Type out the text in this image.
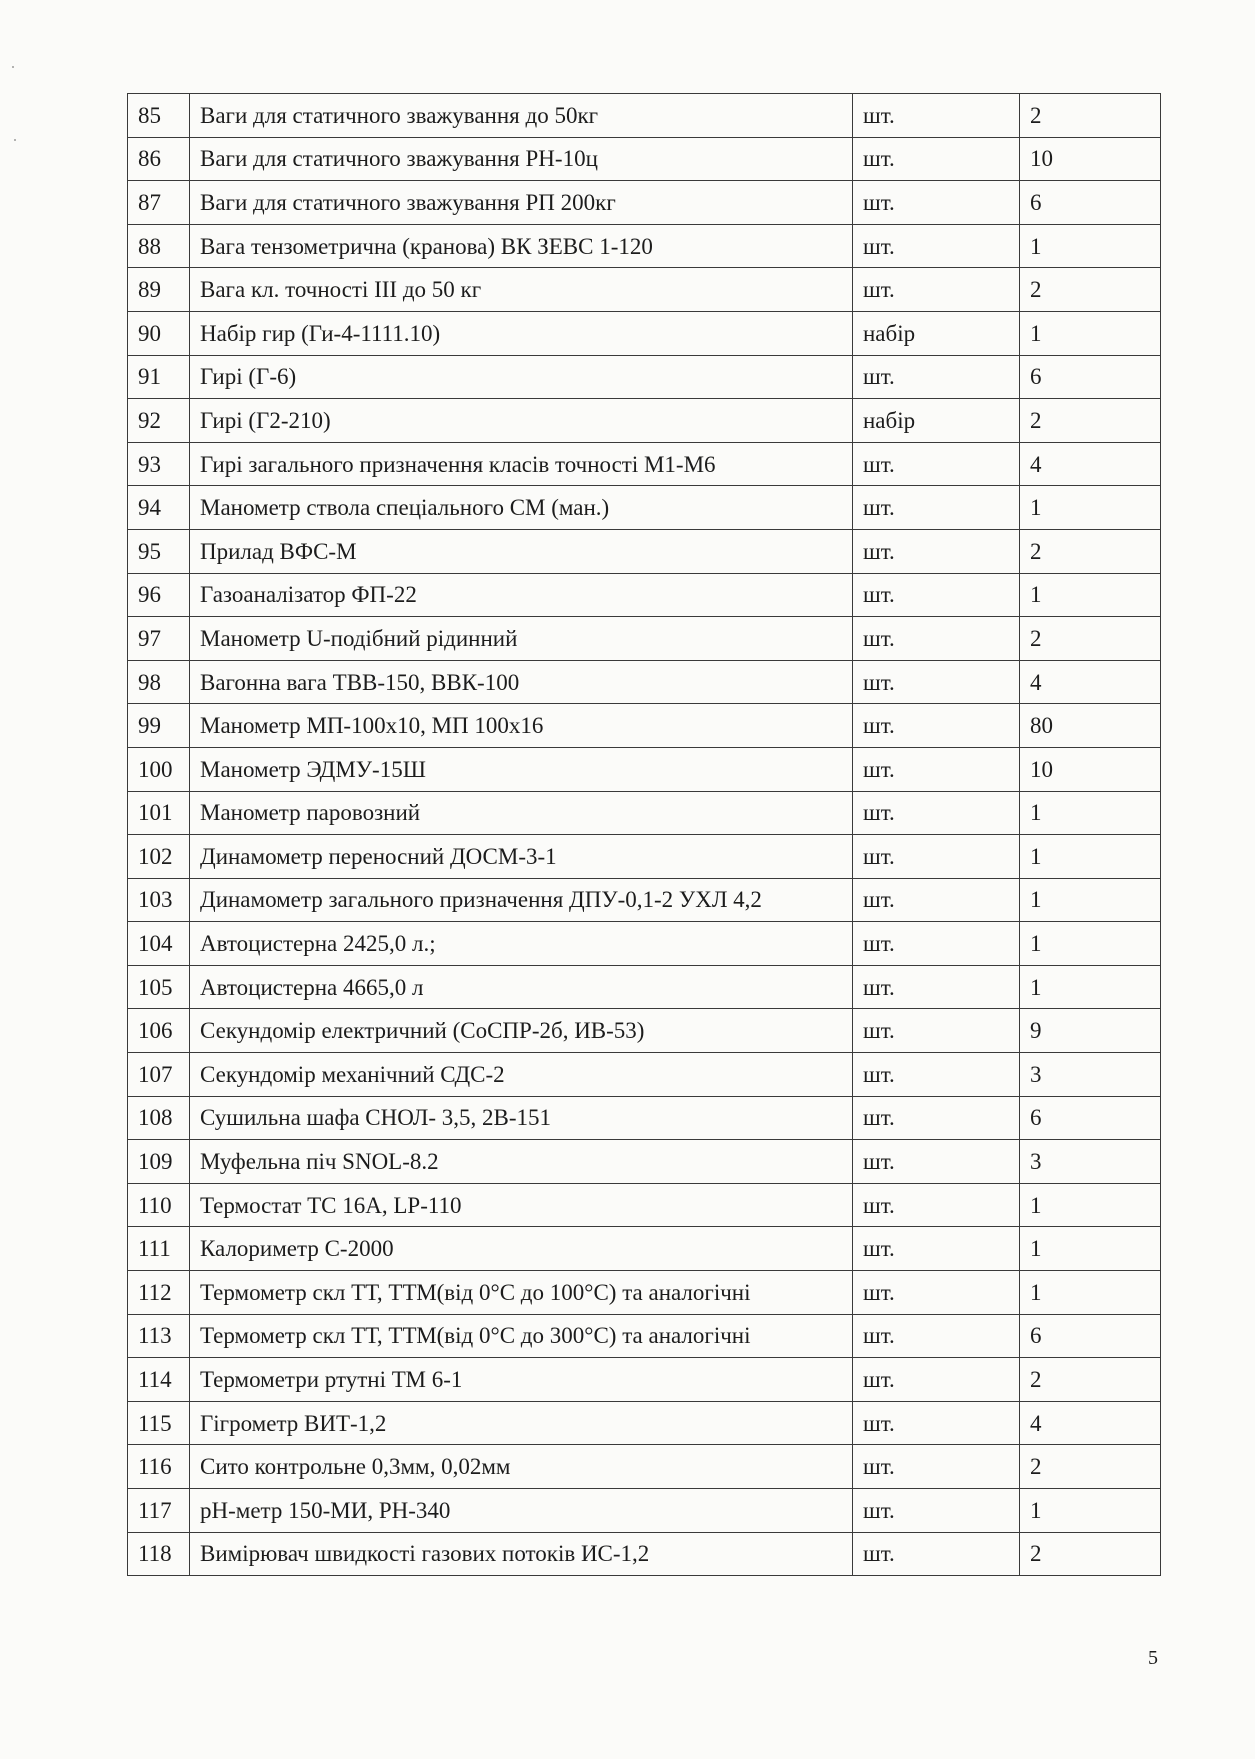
85	Ваги для статичного зважування до 50кг	шт.	2
86	Ваги для статичного зважування РН-10ц	шт.	10
87	Ваги для статичного зважування РП 200кг	шт.	6
88	Вага тензометрична (кранова) ВК ЗЕВС 1-120	шт.	1
89	Вага кл. точності III до 50 кг	шт.	2
90	Набір гир (Ги-4-1111.10)	набір	1
91	Гирі (Г-6)	шт.	6
92	Гирі (Г2-210)	набір	2
93	Гирі загального призначення класів точності М1-М6	шт.	4
94	Манометр ствола спеціального СМ (ман.)	шт.	1
95	Прилад ВФС-М	шт.	2
96	Газоаналізатор ФП-22	шт.	1
97	Манометр U-подібний рідинний	шт.	2
98	Вагонна вага ТВВ-150, ВВК-100	шт.	4
99	Манометр МП-100х10, МП 100х16	шт.	80
100	Манометр ЭДМУ-15Ш	шт.	10
101	Манометр паровозний	шт.	1
102	Динамометр переносний ДОСМ-3-1	шт.	1
103	Динамометр загального призначення ДПУ-0,1-2 УХЛ 4,2	шт.	1
104	Автоцистерна 2425,0 л.;	шт.	1
105	Автоцистерна 4665,0 л	шт.	1
106	Секундомір електричний (СоСПР-2б, ИВ-53)	шт.	9
107	Секундомір механічний СДС-2	шт.	3
108	Сушильна шафа СНОЛ- 3,5, 2В-151	шт.	6
109	Муфельна піч SNOL-8.2	шт.	3
110	Термостат ТС 16А, LP-110	шт.	1
111	Калориметр С-2000	шт.	1
112	Термометр скл ТТ, ТТМ(від 0°С до 100°С) та аналогічні	шт.	1
113	Термометр скл ТТ, ТТМ(від 0°С до 300°С) та аналогічні	шт.	6
114	Термометри ртутні ТМ 6-1	шт.	2
115	Гігрометр ВИТ-1,2	шт.	4
116	Сито контрольне 0,3мм, 0,02мм	шт.	2
117	pH-метр 150-МИ, РН-340	шт.	1
118	Вимірювач швидкості газових потоків ИС-1,2	шт.	2
5
